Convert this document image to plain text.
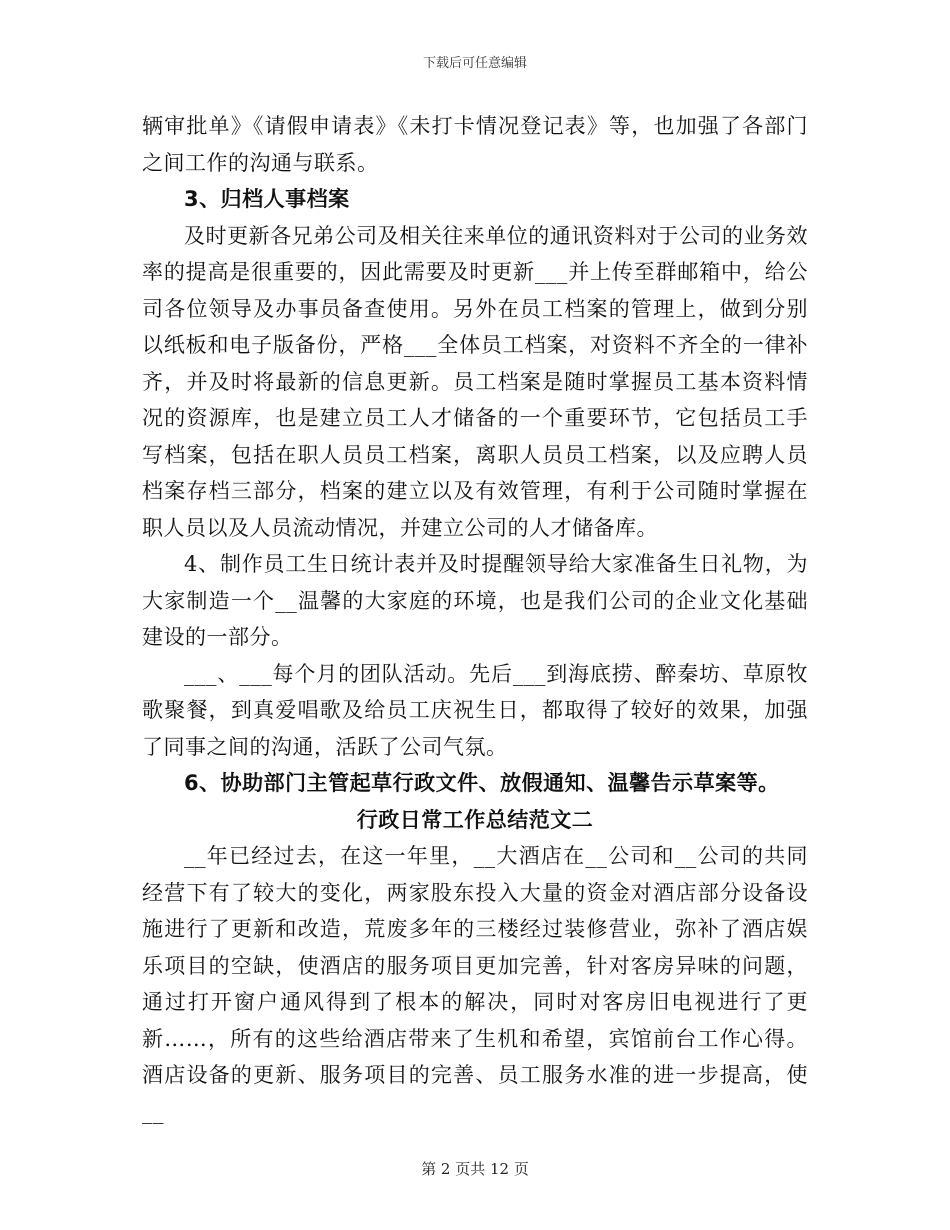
下载后可任意编辑

辆审批单》《请假申请表》《未打卡情况登记表》等，也加强了各部门之间工作的沟通与联系。

3、归档人事档案

及时更新各兄弟公司及相关往来单位的通讯资料对于公司的业务效率的提高是很重要的，因此需要及时更新___并上传至群邮箱中，给公司各位领导及办事员备查使用。另外在员工档案的管理上，做到分别以纸板和电子版备份，严格___全体员工档案，对资料不齐全的一律补齐，并及时将最新的信息更新。员工档案是随时掌握员工基本资料情况的资源库，也是建立员工人才储备的一个重要环节，它包括员工手写档案，包括在职人员员工档案，离职人员员工档案，以及应聘人员档案存档三部分，档案的建立以及有效管理，有利于公司随时掌握在职人员以及人员流动情况，并建立公司的人才储备库。

4、制作员工生日统计表并及时提醒领导给大家准备生日礼物，为大家制造一个__温馨的大家庭的环境，也是我们公司的企业文化基础建设的一部分。

___、___每个月的团队活动。先后___到海底捞、醉秦坊、草原牧歌聚餐，到真爱唱歌及给员工庆祝生日，都取得了较好的效果，加强了同事之间的沟通，活跃了公司气氛。

6、协助部门主管起草行政文件、放假通知、温馨告示草案等。

行政日常工作总结范文二

__年已经过去，在这一年里，__大酒店在__公司和__公司的共同经营下有了较大的变化，两家股东投入大量的资金对酒店部分设备设施进行了更新和改造，荒废多年的三楼经过装修营业，弥补了酒店娱乐项目的空缺，使酒店的服务项目更加完善，针对客房异味的问题，通过打开窗户通风得到了根本的解决，同时对客房旧电视进行了更新……，所有的这些给酒店带来了生机和希望，宾馆前台工作心得。酒店设备的更新、服务项目的完善、员工服务水准的进一步提高，使__

第 2 页共 12 页
